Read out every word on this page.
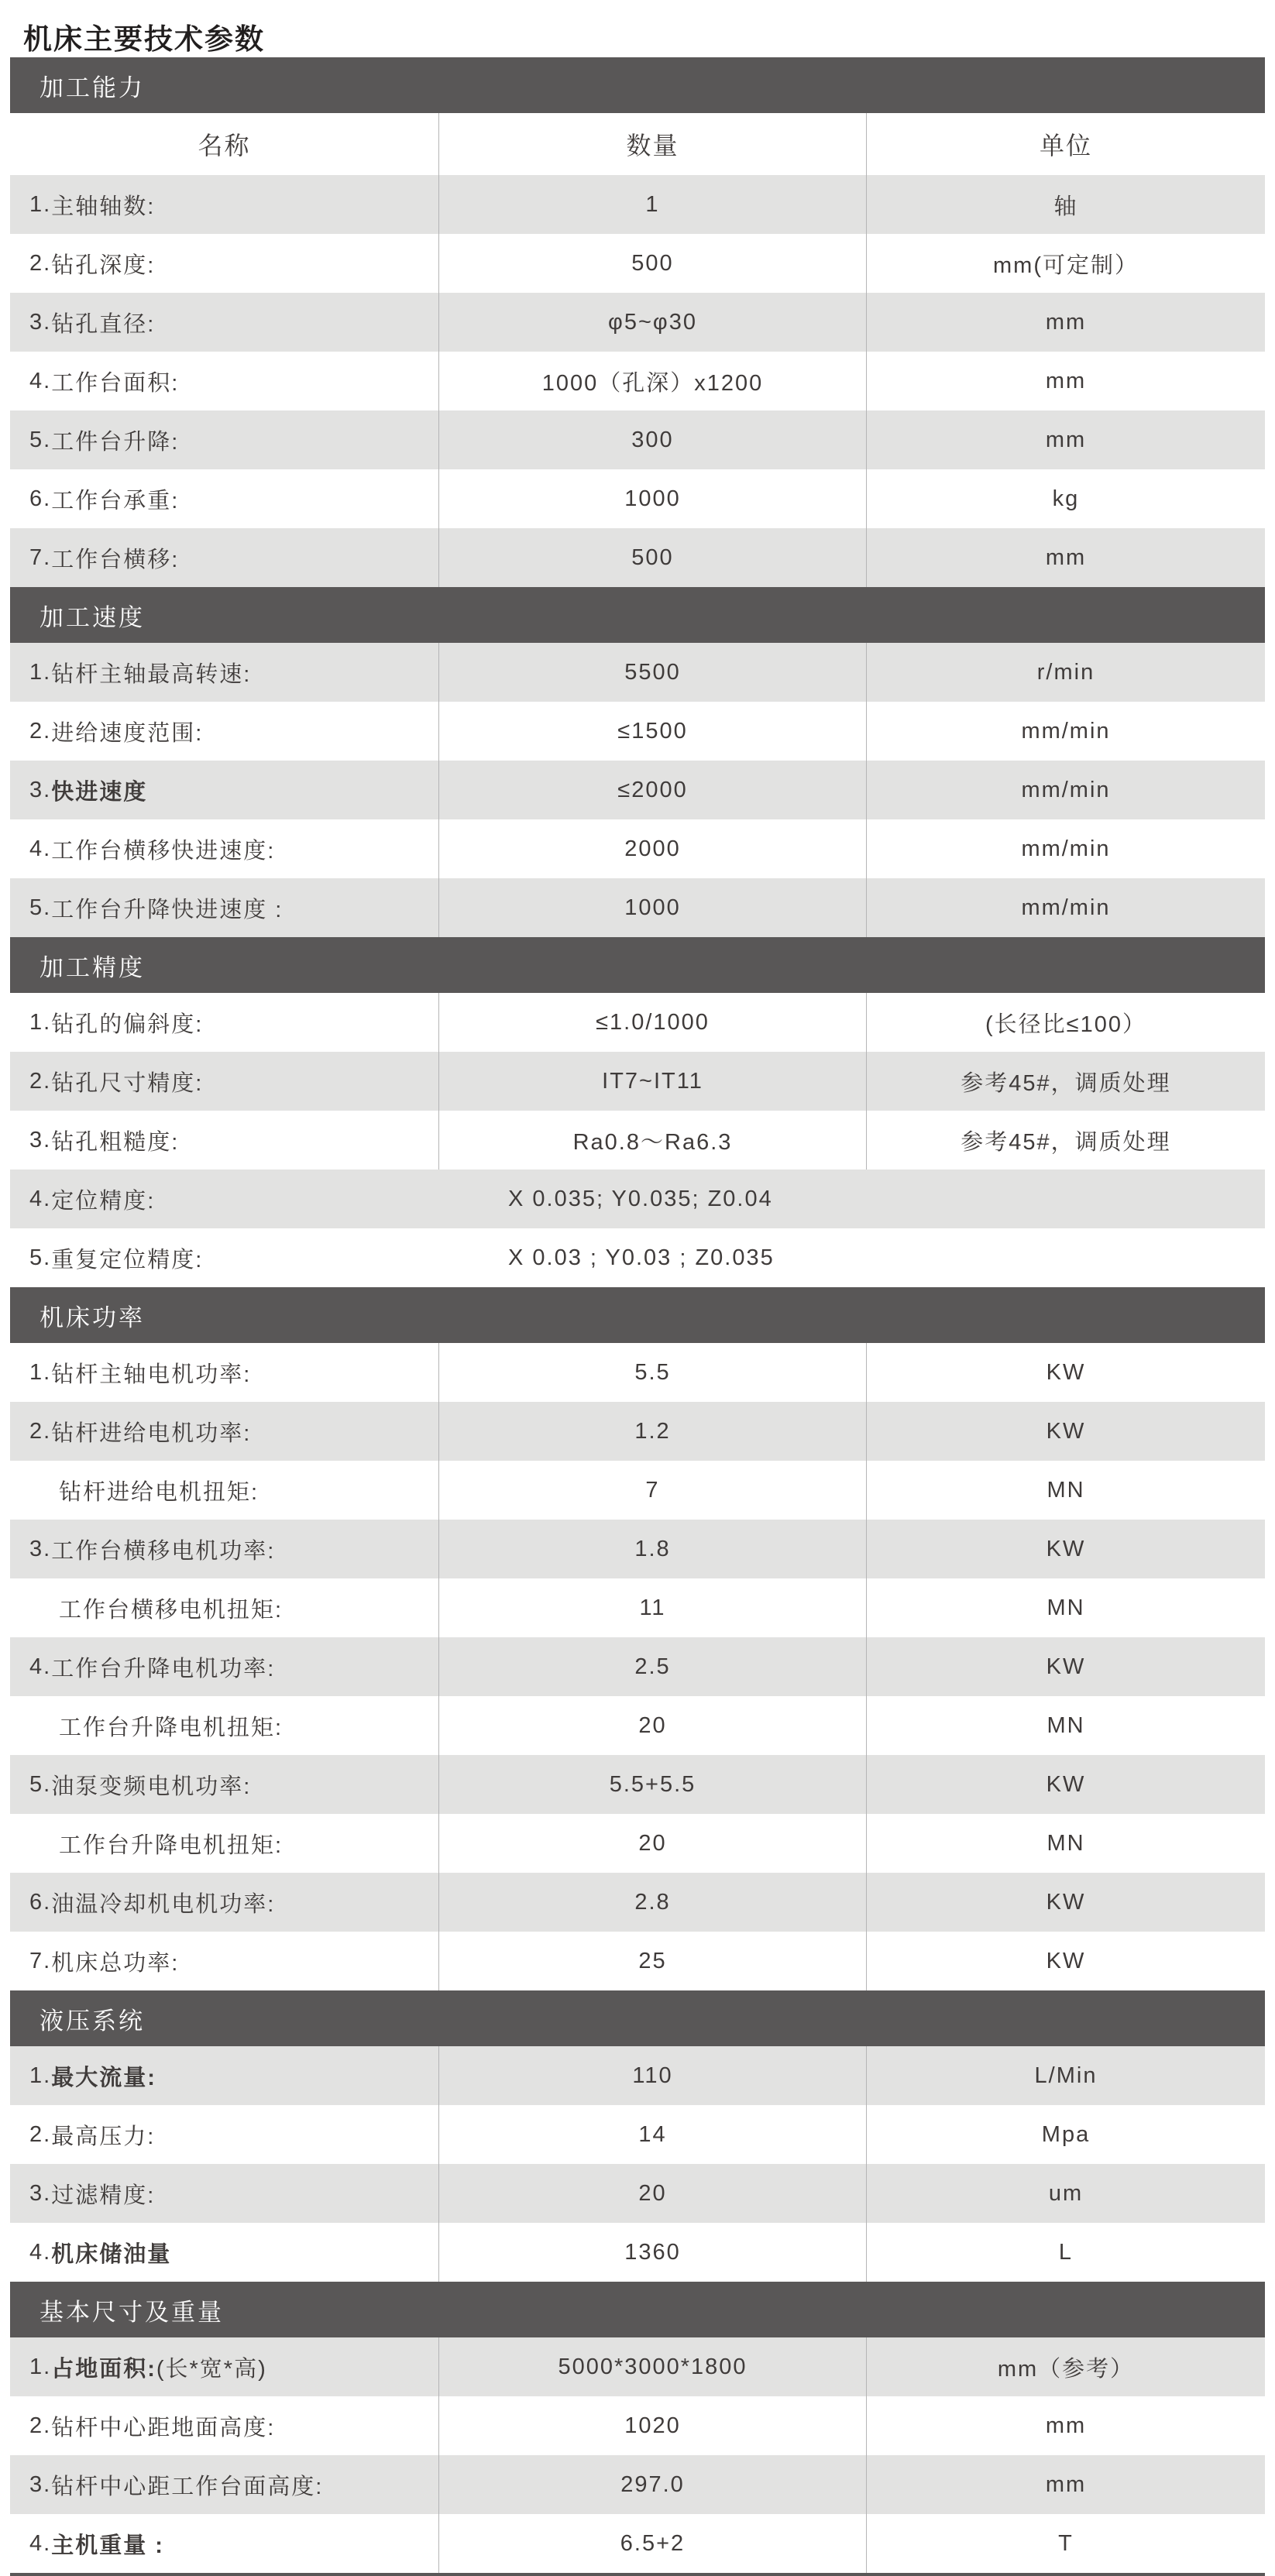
机床主要技术参数
加工能力
名称	数量	单位
1. 主轴轴数:	1	轴
2. 钻孔深度:	500	mm(可定制）
3. 钻孔直径:	φ5~φ30	mm
4. 工作台面积:	1000（孔深）x1200	mm
5. 工件台升降:	300	mm
6. 工作台承重:	1000	kg
7. 工作台横移:	500	mm
加工速度
1. 钻杆主轴最高转速:	5500	r/min
2. 进给速度范围:	≤1500	mm/min
3. 快进速度	≤2000	mm/min
4. 工作台横移快进速度:	2000	mm/min
5. 工作台升降快进速度 :	1000	mm/min
加工精度
1. 钻孔的偏斜度:	≤1.0/1000	(长径比≤100）
2. 钻孔尺寸精度:	IT7~IT11	参考45#，调质处理
3. 钻孔粗糙度:	Ra0.8～Ra6.3	参考45#，调质处理
4. 定位精度:	X 0.035; Y0.035; Z0.04
5. 重复定位精度:	X 0.03 ; Y0.03 ; Z0.035
机床功率
1. 钻杆主轴电机功率:	5.5	KW
2. 钻杆进给电机功率:	1.2	KW
钻杆进给电机扭矩:	7	MN
3. 工作台横移电机功率:	1.8	KW
工作台横移电机扭矩:	11	MN
4. 工作台升降电机功率:	2.5	KW
工作台升降电机扭矩:	20	MN
5. 油泵变频电机功率:	5.5+5.5	KW
工作台升降电机扭矩:	20	MN
6. 油温冷却机电机功率:	2.8	KW
7. 机床总功率:	25	KW
液压系统
1. 最大流量:	110	L/Min
2. 最高压力:	14	Mpa
3. 过滤精度:	20	um
4. 机床储油量	1360	L
基本尺寸及重量
1. 占地面积: (长*宽*高)	5000*3000*1800	mm（参考）
2. 钻杆中心距地面高度:	1020	mm
3. 钻杆中心距工作台面高度:	297.0	mm
4. 主机重量 :	6.5+2	T
